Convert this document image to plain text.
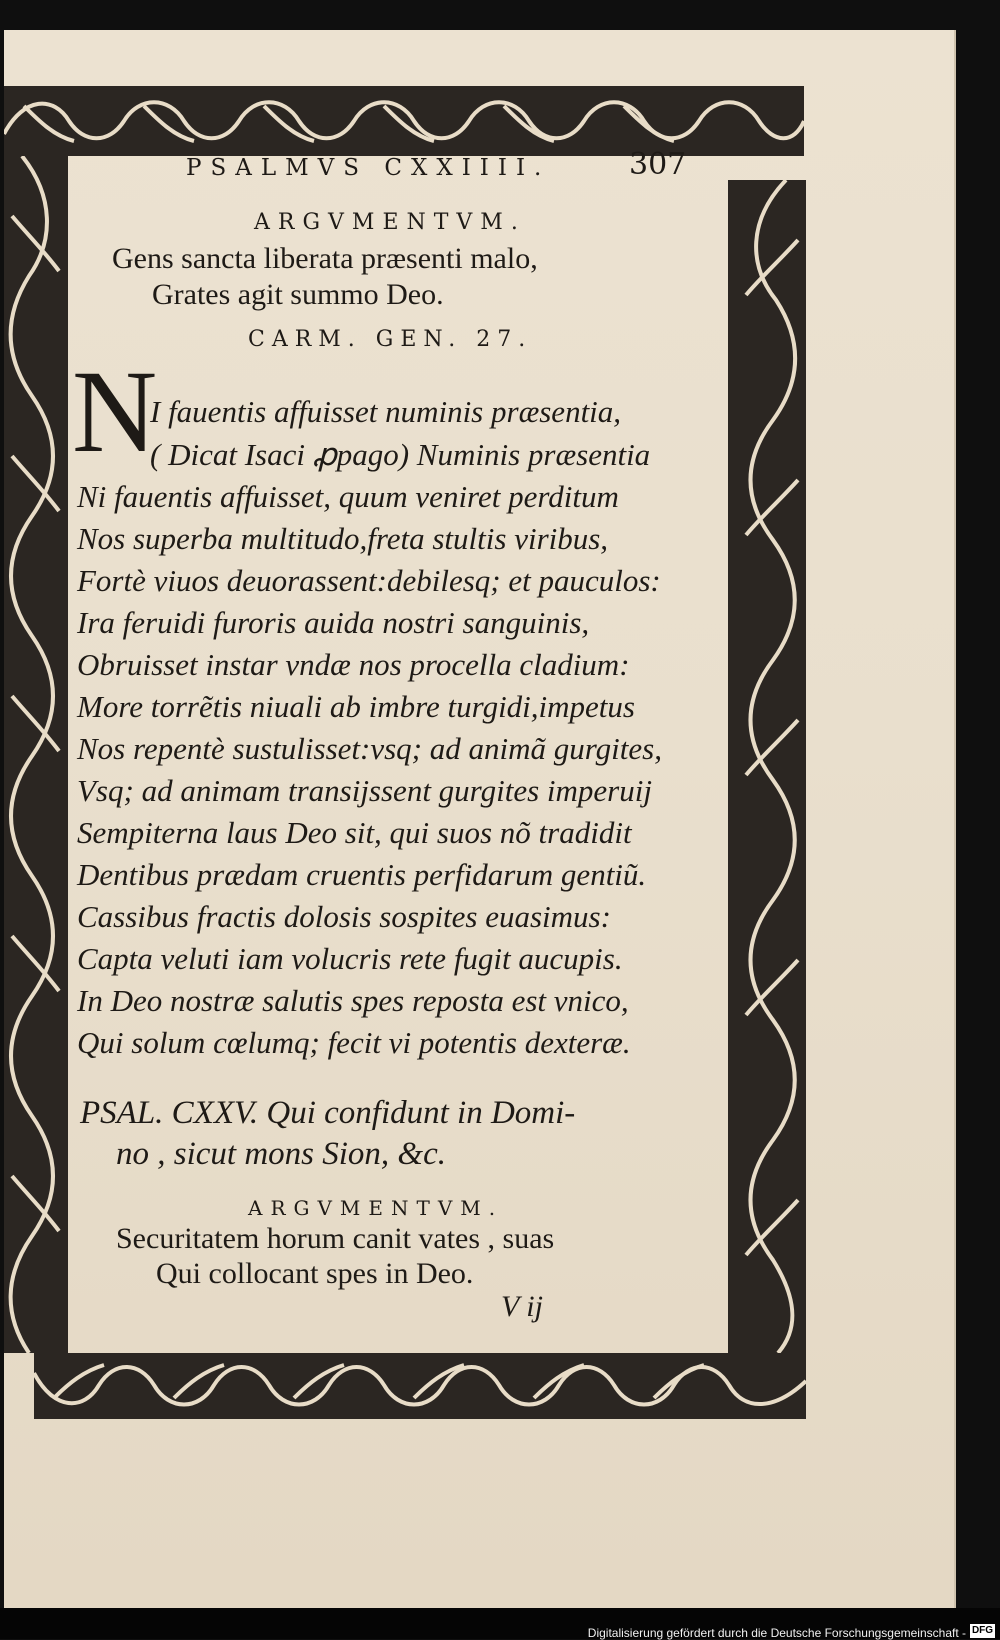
PSALMVS CXXIIII.	307
ARGVMENTVM.
Gens sancta liberata præsenti malo,
Grates agit summo Deo.
CARM. GEN. 27.
N
I fauentis affuisset numinis præsentia,
( Dicat Isaci ꝓpago) Numinis præsentia
Ni fauentis affuisset, quum veniret perditum
Nos superba multitudo,freta stultis viribus,
Fortè viuos deuorassent:debilesq; et pauculos:
Ira feruidi furoris auida nostri sanguinis,
Obruisset instar vndæ nos procella cladium:
More torrẽtis niuali ab imbre turgidi,impetus
Nos repentè sustulisset:vsq; ad animã gurgites,
Vsq; ad animam transijssent gurgites imperuij
Sempiterna laus Deo sit, qui suos nõ tradidit
Dentibus prædam cruentis perfidarum gentiũ.
Cassibus fractis dolosis sospites euasimus:
Capta veluti iam volucris rete fugit aucupis.
In Deo nostræ salutis spes reposta est vnico,
Qui solum cœlumq; fecit vi potentis dexteræ.
PSAL. CXXV. Qui confidunt in Domi-
no , sicut mons Sion, &c.
ARGVMENTVM.
Securitatem horum canit vates , suas
Qui collocant spes in Deo.
V ij
Digitalisierung gefördert durch die Deutsche Forschungsgemeinschaft - DFG
